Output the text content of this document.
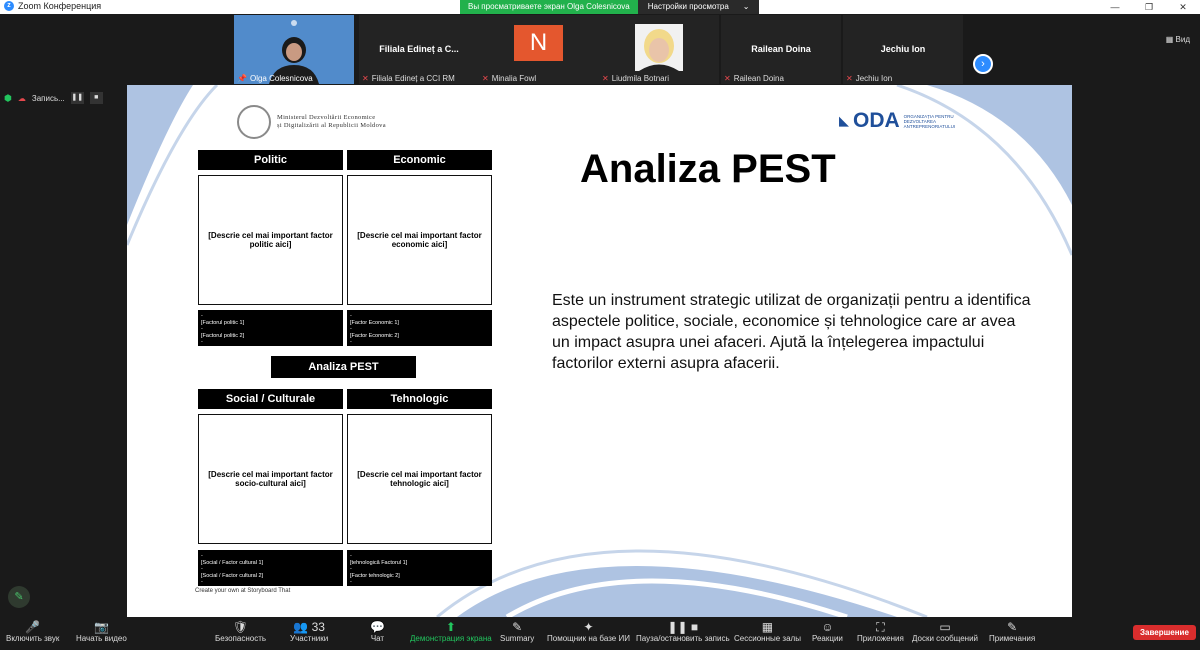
z Zoom Конференция	Вы просматриваете экран Olga Colesnicova	Настройки просмотра ⌄	—	❐	✕
📌 Olga Colesnicova
Filiala Edineț a C...
✕ Filiala Edineț a CCI RM
N
✕ Minalia Fowl	✕ Liudmila Botnari
Railean Doina
✕ Railean Doina
Jechiu Ion
✕ Jechiu Ion
›
▦ Вид
⬢ ☁ Запись... ❚❚	■
Ministerul Dezvoltării Economice
și Digitalizării al Republicii Moldova	◣ ODA ORGANIZAȚIA PENTRU DEZVOLTAREA ANTREPRENORIATULUI
Politic	Economic
[Descrie cel mai important factor politic aici]
[Descrie cel mai important factor economic aici]
-
[Factorul politic 1]
-
[Factorul politic 2]
-
-
[Factor Economic 1]
-
[Factor Economic 2]
-
Analiza PEST
Social / Culturale	Tehnologic
[Descrie cel mai important factor socio-cultural aici]
[Descrie cel mai important factor tehnologic aici]
-
[Social / Factor cultural 1]
-
[Social / Factor cultural 2]
-
-
[tehnologică Factorul 1]
-
[Factor tehnologic 2]
-
Create your own at Storyboard That
Analiza PEST
Este un instrument strategic utilizat de organizații pentru a identifica aspectele politice, sociale, economice și tehnologice care ar avea un impact asupra unei afaceri. Ajută la înțelegerea impactului factorilor externi asupra afacerii.
✎
🎤
Включить звук
📷
Начать видео
🛡
Безопасность
👥 33
Участники
💬
Чат
⬆
Демонстрация экрана
✎
Summary
✦
Помощник на базе ИИ
❚❚ ■
Пауза/остановить запись
▦
Сессионные залы
☺
Реакции
⛶
Приложения
▭
Доски сообщений
✎
Примечания
Завершение
